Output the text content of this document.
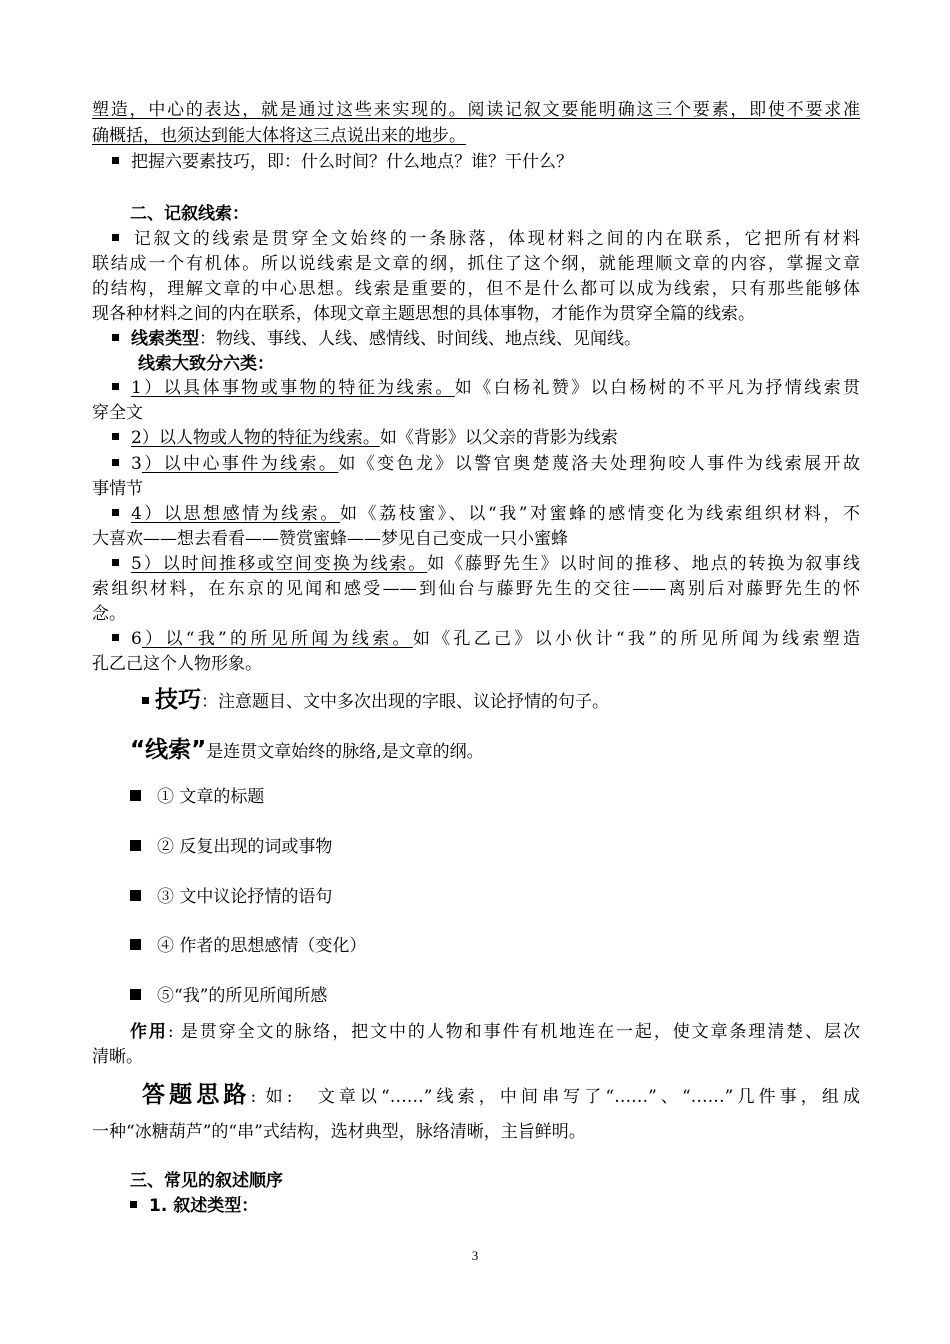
塑造，中心的表达，就是通过这些来实现的。阅读记叙文要能明确这三个要素，即使不要求准
确概括，也须达到能大体将这三点说出来的地步。
把握六要素技巧，即：什么时间？什么地点？谁？干什么？
二、记叙线索：
记叙文的线索是贯穿全文始终的一条脉落，体现材料之间的内在联系，它把所有材料
联结成一个有机体。所以说线索是文章的纲，抓住了这个纲，就能理顺文章的内容，掌握文章
的结构，理解文章的中心思想。线索是重要的，但不是什么都可以成为线索，只有那些能够体
现各种材料之间的内在联系，体现文章主题思想的具体事物，才能作为贯穿全篇的线索。
线索类型：物线、事线、人线、感情线、时间线、地点线、见闻线。
线索大致分六类：
1）以具体事物或事物的特征为线索。如《白杨礼赞》以白杨树的不平凡为抒情线索贯
穿全文
2）以人物或人物的特征为线索。如《背影》以父亲的背影为线索
3）以中心事件为线索。如《变色龙》以警官奥楚蔑洛夫处理狗咬人事件为线索展开故
事情节
4）以思想感情为线索。如《荔枝蜜》、以“我”对蜜蜂的感情变化为线索组织材料，不
大喜欢——想去看看——赞赏蜜蜂——梦见自己变成一只小蜜蜂
5）以时间推移或空间变换为线索。如《藤野先生》以时间的推移、地点的转换为叙事线
索组织材料，在东京的见闻和感受——到仙台与藤野先生的交往——离别后对藤野先生的怀
念。
6）以“我”的所见所闻为线索。如《孔乙己》以小伙计“我”的所见所闻为线索塑造
孔乙己这个人物形象。
技巧：注意题目、文中多次出现的字眼、议论抒情的句子。
“线索”是连贯文章始终的脉络,是文章的纲。
① 文章的标题
② 反复出现的词或事物
③ 文中议论抒情的语句
④ 作者的思想感情（变化）
⑤“我”的所见所闻所感
作用: 是贯穿全文的脉络，把文中的人物和事件有机地连在一起，使文章条理清楚、层次
清晰。
答题思路: 如:　文章以“……”线索，中间串写了“……”、“……”几件事，组成
一种“冰糖葫芦”的“串”式结构，选材典型，脉络清晰，主旨鲜明。
三、常见的叙述顺序
1. 叙述类型：
3
